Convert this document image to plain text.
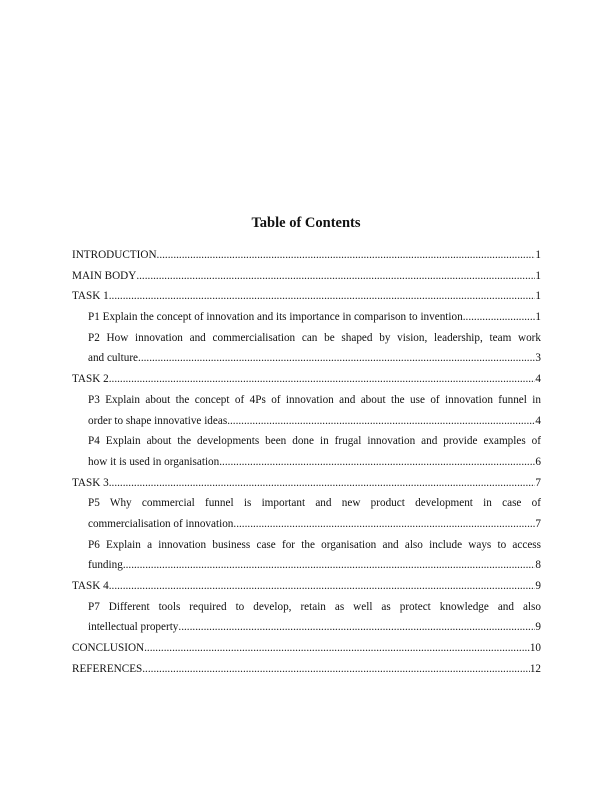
Table of Contents
INTRODUCTION .....	1
MAIN BODY .....	1
TASK 1 .....	1
P1 Explain the concept of innovation and its importance in comparison to invention .....	1
P2 How innovation and commercialisation can be shaped by vision, leadership, team work
and culture .....	3
TASK 2 .....	4
P3 Explain about the concept of 4Ps of innovation and about the use of innovation funnel in
order to shape innovative ideas .....	4
P4 Explain about the developments been done in frugal innovation and provide examples of
how it is used in organisation .....	6
TASK 3 .....	7
P5 Why commercial funnel is important and new product development in case of
commercialisation of innovation .....	7
P6 Explain a innovation business case for the organisation and also include ways to access
funding .....	8
TASK 4 .....	9
P7 Different tools required to develop, retain as well as protect knowledge and also
intellectual property .....	9
CONCLUSION .....	10
REFERENCES .....	12
